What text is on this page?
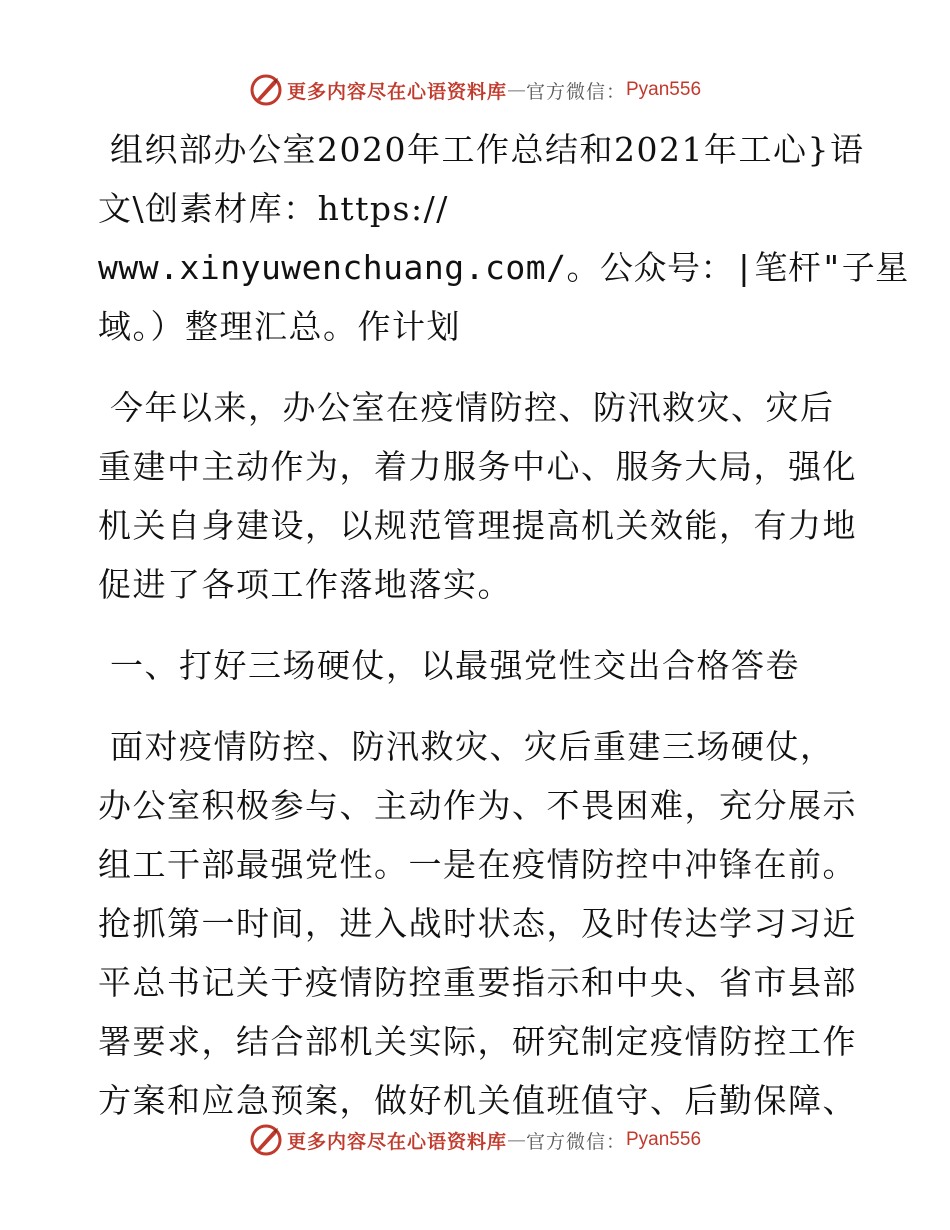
更多内容尽在心语资料库 — 官方微信： Pyan556
组织部办公室2020年工作总结和2021年工心}语
文\创素材库：https://
www.xinyuwenchuang.com/。公众号：|笔杆"子星
域。）整理汇总。作计划
今年以来，办公室在疫情防控、防汛救灾、灾后
重建中主动作为，着力服务中心、服务大局，强化
机关自身建设，以规范管理提高机关效能，有力地
促进了各项工作落地落实。
一、打好三场硬仗，以最强党性交出合格答卷
面对疫情防控、防汛救灾、灾后重建三场硬仗，
办公室积极参与、主动作为、不畏困难，充分展示
组工干部最强党性。一是在疫情防控中冲锋在前。
抢抓第一时间，进入战时状态，及时传达学习习近
平总书记关于疫情防控重要指示和中央、省市县部
署要求，结合部机关实际，研究制定疫情防控工作
方案和应急预案，做好机关值班值守、后勤保障、
更多内容尽在心语资料库 — 官方微信： Pyan556
